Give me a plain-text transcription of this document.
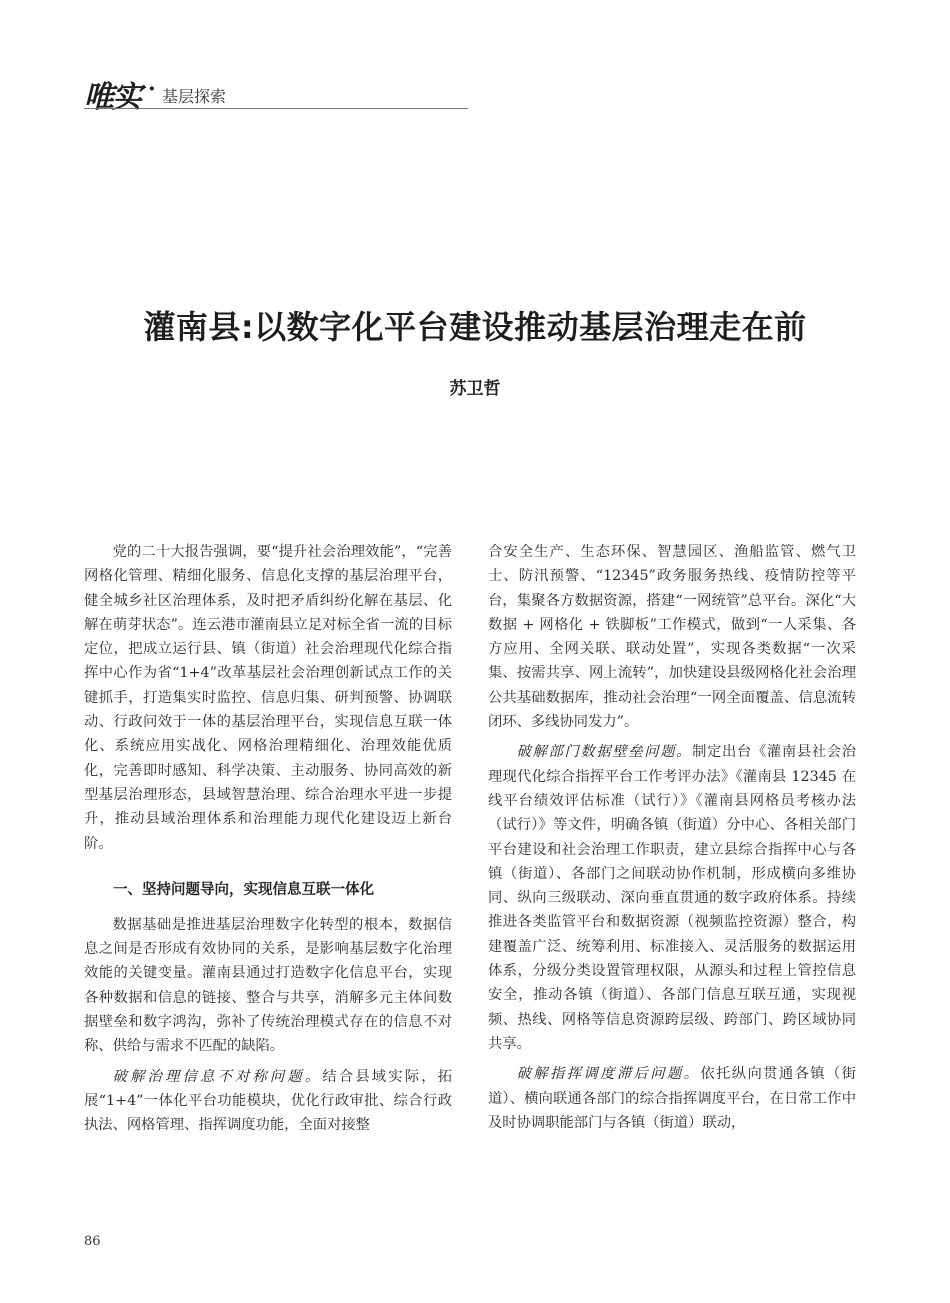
唯实 · 基层探索
灌南县:以数字化平台建设推动基层治理走在前
苏卫哲

党的二十大报告强调，要“提升社会治理效能”，“完善网格化管理、精细化服务、信息化支撑的基层治理平台，健全城乡社区治理体系，及时把矛盾纠纷化解在基层、化解在萌芽状态”。连云港市灌南县立足对标全省一流的目标定位，把成立运行县、镇（街道）社会治理现代化综合指挥中心作为省“1+4”改革基层社会治理创新试点工作的关键抓手，打造集实时监控、信息归集、研判预警、协调联动、行政问效于一体的基层治理平台，实现信息互联一体化、系统应用实战化、网格治理精细化、治理效能优质化，完善即时感知、科学决策、主动服务、协同高效的新型基层治理形态，县域智慧治理、综合治理水平进一步提升，推动县域治理体系和治理能力现代化建设迈上新台阶。

一、坚持问题导向，实现信息互联一体化

数据基础是推进基层治理数字化转型的根本，数据信息之间是否形成有效协同的关系，是影响基层数字化治理效能的关键变量。灌南县通过打造数字化信息平台，实现各种数据和信息的链接、整合与共享，消解多元主体间数据壁垒和数字鸿沟，弥补了传统治理模式存在的信息不对称、供给与需求不匹配的缺陷。

破解治理信息不对称问题。结合县域实际，拓展“1+4”一体化平台功能模块，优化行政审批、综合行政执法、网格管理、指挥调度功能，全面对接整

合安全生产、生态环保、智慧园区、渔船监管、燃气卫士、防汛预警、“12345”政务服务热线、疫情防控等平台，集聚各方数据资源，搭建“一网统管”总平台。深化“大数据 + 网格化 + 铁脚板”工作模式，做到“一人采集、各方应用、全网关联、联动处置”，实现各类数据“一次采集、按需共享、网上流转”，加快建设县级网格化社会治理公共基础数据库，推动社会治理“一网全面覆盖、信息流转闭环、多线协同发力”。

破解部门数据壁垒问题。制定出台《灌南县社会治理现代化综合指挥平台工作考评办法》《灌南县 12345 在线平台绩效评估标准（试行）》《灌南县网格员考核办法（试行）》等文件，明确各镇（街道）分中心、各相关部门平台建设和社会治理工作职责，建立县综合指挥中心与各镇（街道）、各部门之间联动协作机制，形成横向多维协同、纵向三级联动、深向垂直贯通的数字政府体系。持续推进各类监管平台和数据资源（视频监控资源）整合，构建覆盖广泛、统筹利用、标准接入、灵活服务的数据运用体系，分级分类设置管理权限，从源头和过程上管控信息安全，推动各镇（街道）、各部门信息互联互通，实现视频、热线、网格等信息资源跨层级、跨部门、跨区域协同共享。

破解指挥调度滞后问题。依托纵向贯通各镇（街道）、横向联通各部门的综合指挥调度平台，在日常工作中及时协调职能部门与各镇（街道）联动，

86
